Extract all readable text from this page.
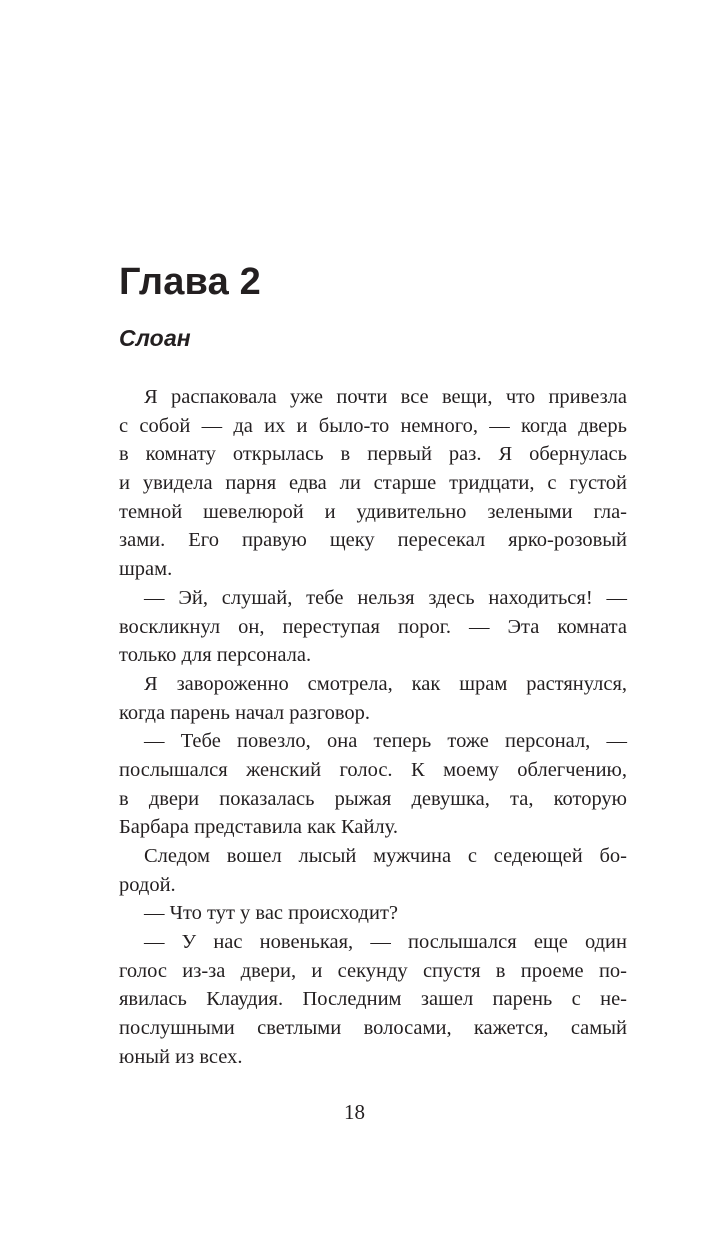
Глава 2
Слоан
Я распаковала уже почти все вещи, что привезла
с собой — да их и было-то немного, — когда дверь
в комнату открылась в первый раз. Я обернулась
и увидела парня едва ли старше тридцати, с густой
темной шевелюрой и удивительно зелеными гла-
зами. Его правую щеку пересекал ярко-розовый
шрам.
— Эй, слушай, тебе нельзя здесь находиться! —
воскликнул он, переступая порог. — Эта комната
только для персонала.
Я завороженно смотрела, как шрам растянулся,
когда парень начал разговор.
— Тебе повезло, она теперь тоже персонал, —
послышался женский голос. К моему облегчению,
в двери показалась рыжая девушка, та, которую
Барбара представила как Кайлу.
Следом вошел лысый мужчина с седеющей бо-
родой.
— Что тут у вас происходит?
— У нас новенькая, — послышался еще один
голос из-за двери, и секунду спустя в проеме по-
явилась Клаудия. Последним зашел парень с не-
послушными светлыми волосами, кажется, самый
юный из всех.
18
